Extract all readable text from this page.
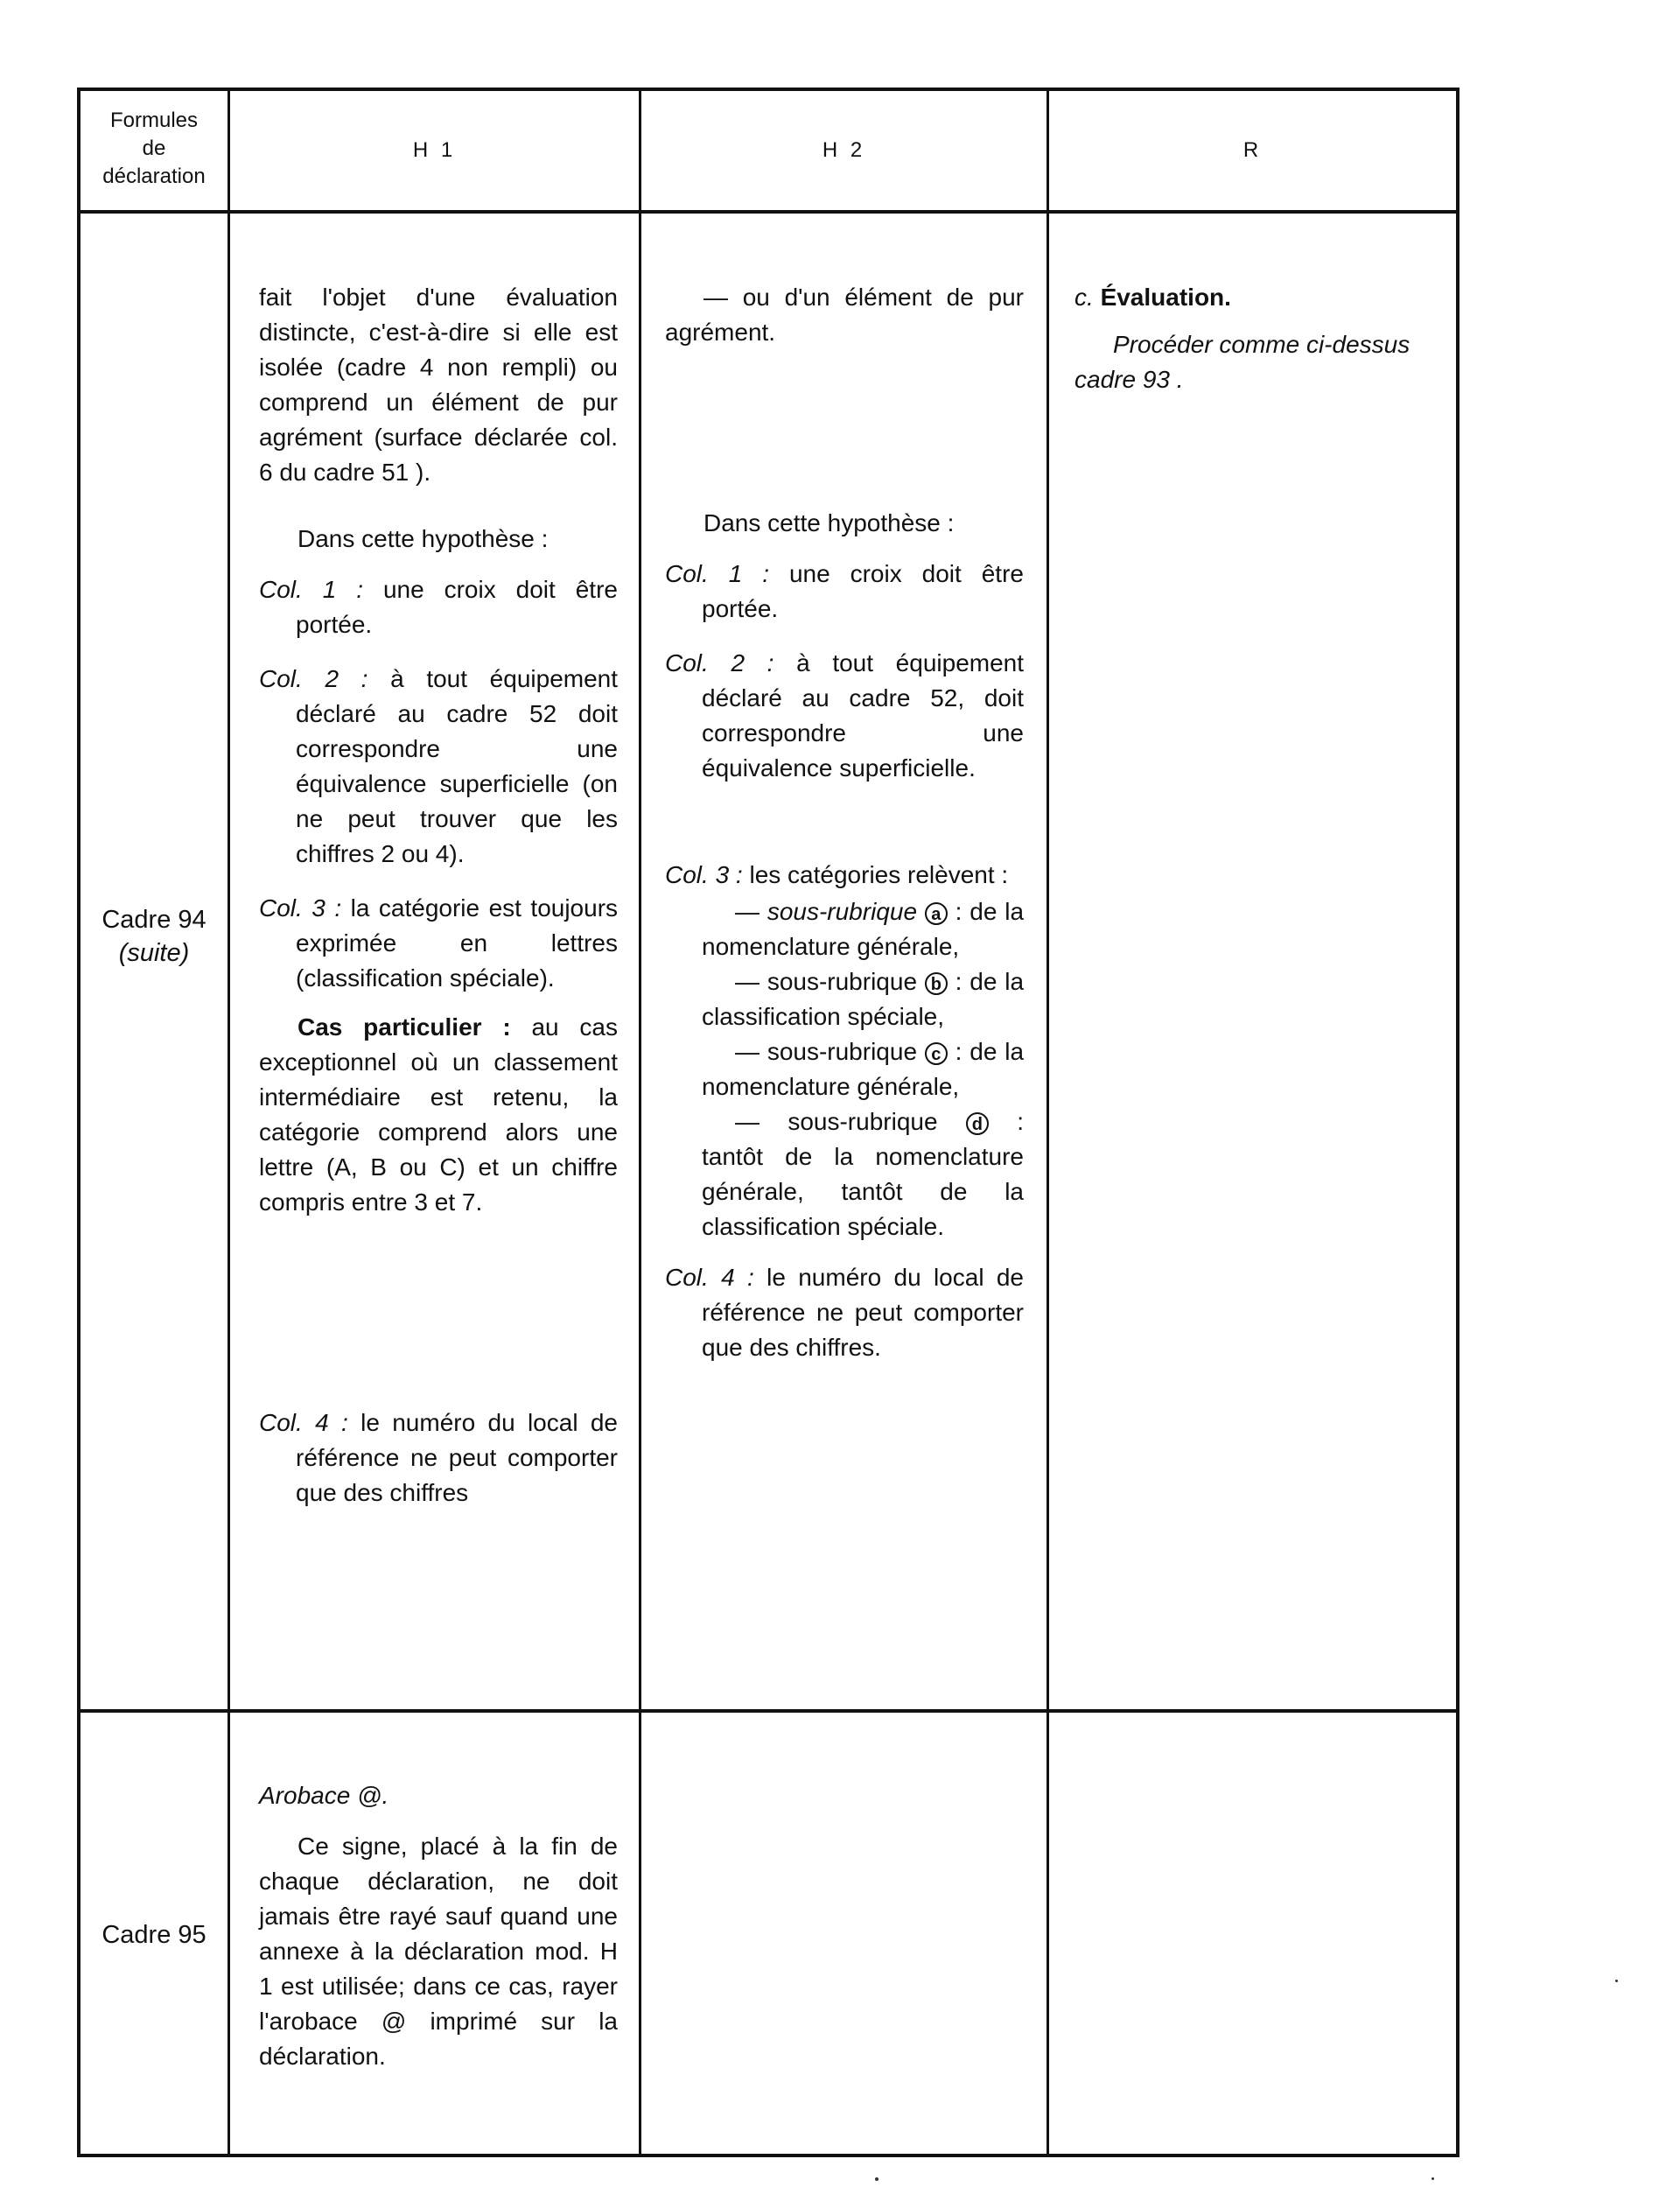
Formules

de

déclaration

H 1	H 2	R

Cadre 94

(suite)

fait l'objet d'une évaluation distincte, c'est-à-dire si elle est isolée (cadre 4 non rempli) ou comprend un élément de pur agrément (surface déclarée col. 6 du cadre 51 ).

Dans cette hypothèse :

Col. 1 : une croix doit être portée.

Col. 2 : à tout équipement déclaré au cadre 52 doit correspondre une équivalence superficielle (on ne peut trouver que les chiffres 2 ou 4).

Col. 3 : la catégorie est toujours exprimée en lettres (classification spéciale).

Cas particulier : au cas exceptionnel où un classement intermédiaire est retenu, la catégorie comprend alors une lettre (A, B ou C) et un chiffre compris entre 3 et 7.

Col. 4 : le numéro du local de référence ne peut comporter que des chiffres

— ou d'un élément de pur agrément.

Dans cette hypothèse :

Col. 1 : une croix doit être portée.

Col. 2 : à tout équipement déclaré au cadre 52, doit correspondre une équivalence superficielle.

Col. 3 : les catégories relèvent :

— sous-rubrique a : de la nomenclature générale,

— sous-rubrique b : de la classification spéciale,

— sous-rubrique c : de la nomenclature générale,

— sous-rubrique d : tantôt de la nomenclature générale, tantôt de la classification spéciale.

Col. 4 : le numéro du local de référence ne peut comporter que des chiffres.

c. Évaluation.

Procéder comme ci-dessus cadre 93 .

Cadre 95

Arobace @.

Ce signe, placé à la fin de chaque déclaration, ne doit jamais être rayé sauf quand une annexe à la déclaration mod. H 1 est utilisée; dans ce cas, rayer l'arobace @ imprimé sur la déclaration.
